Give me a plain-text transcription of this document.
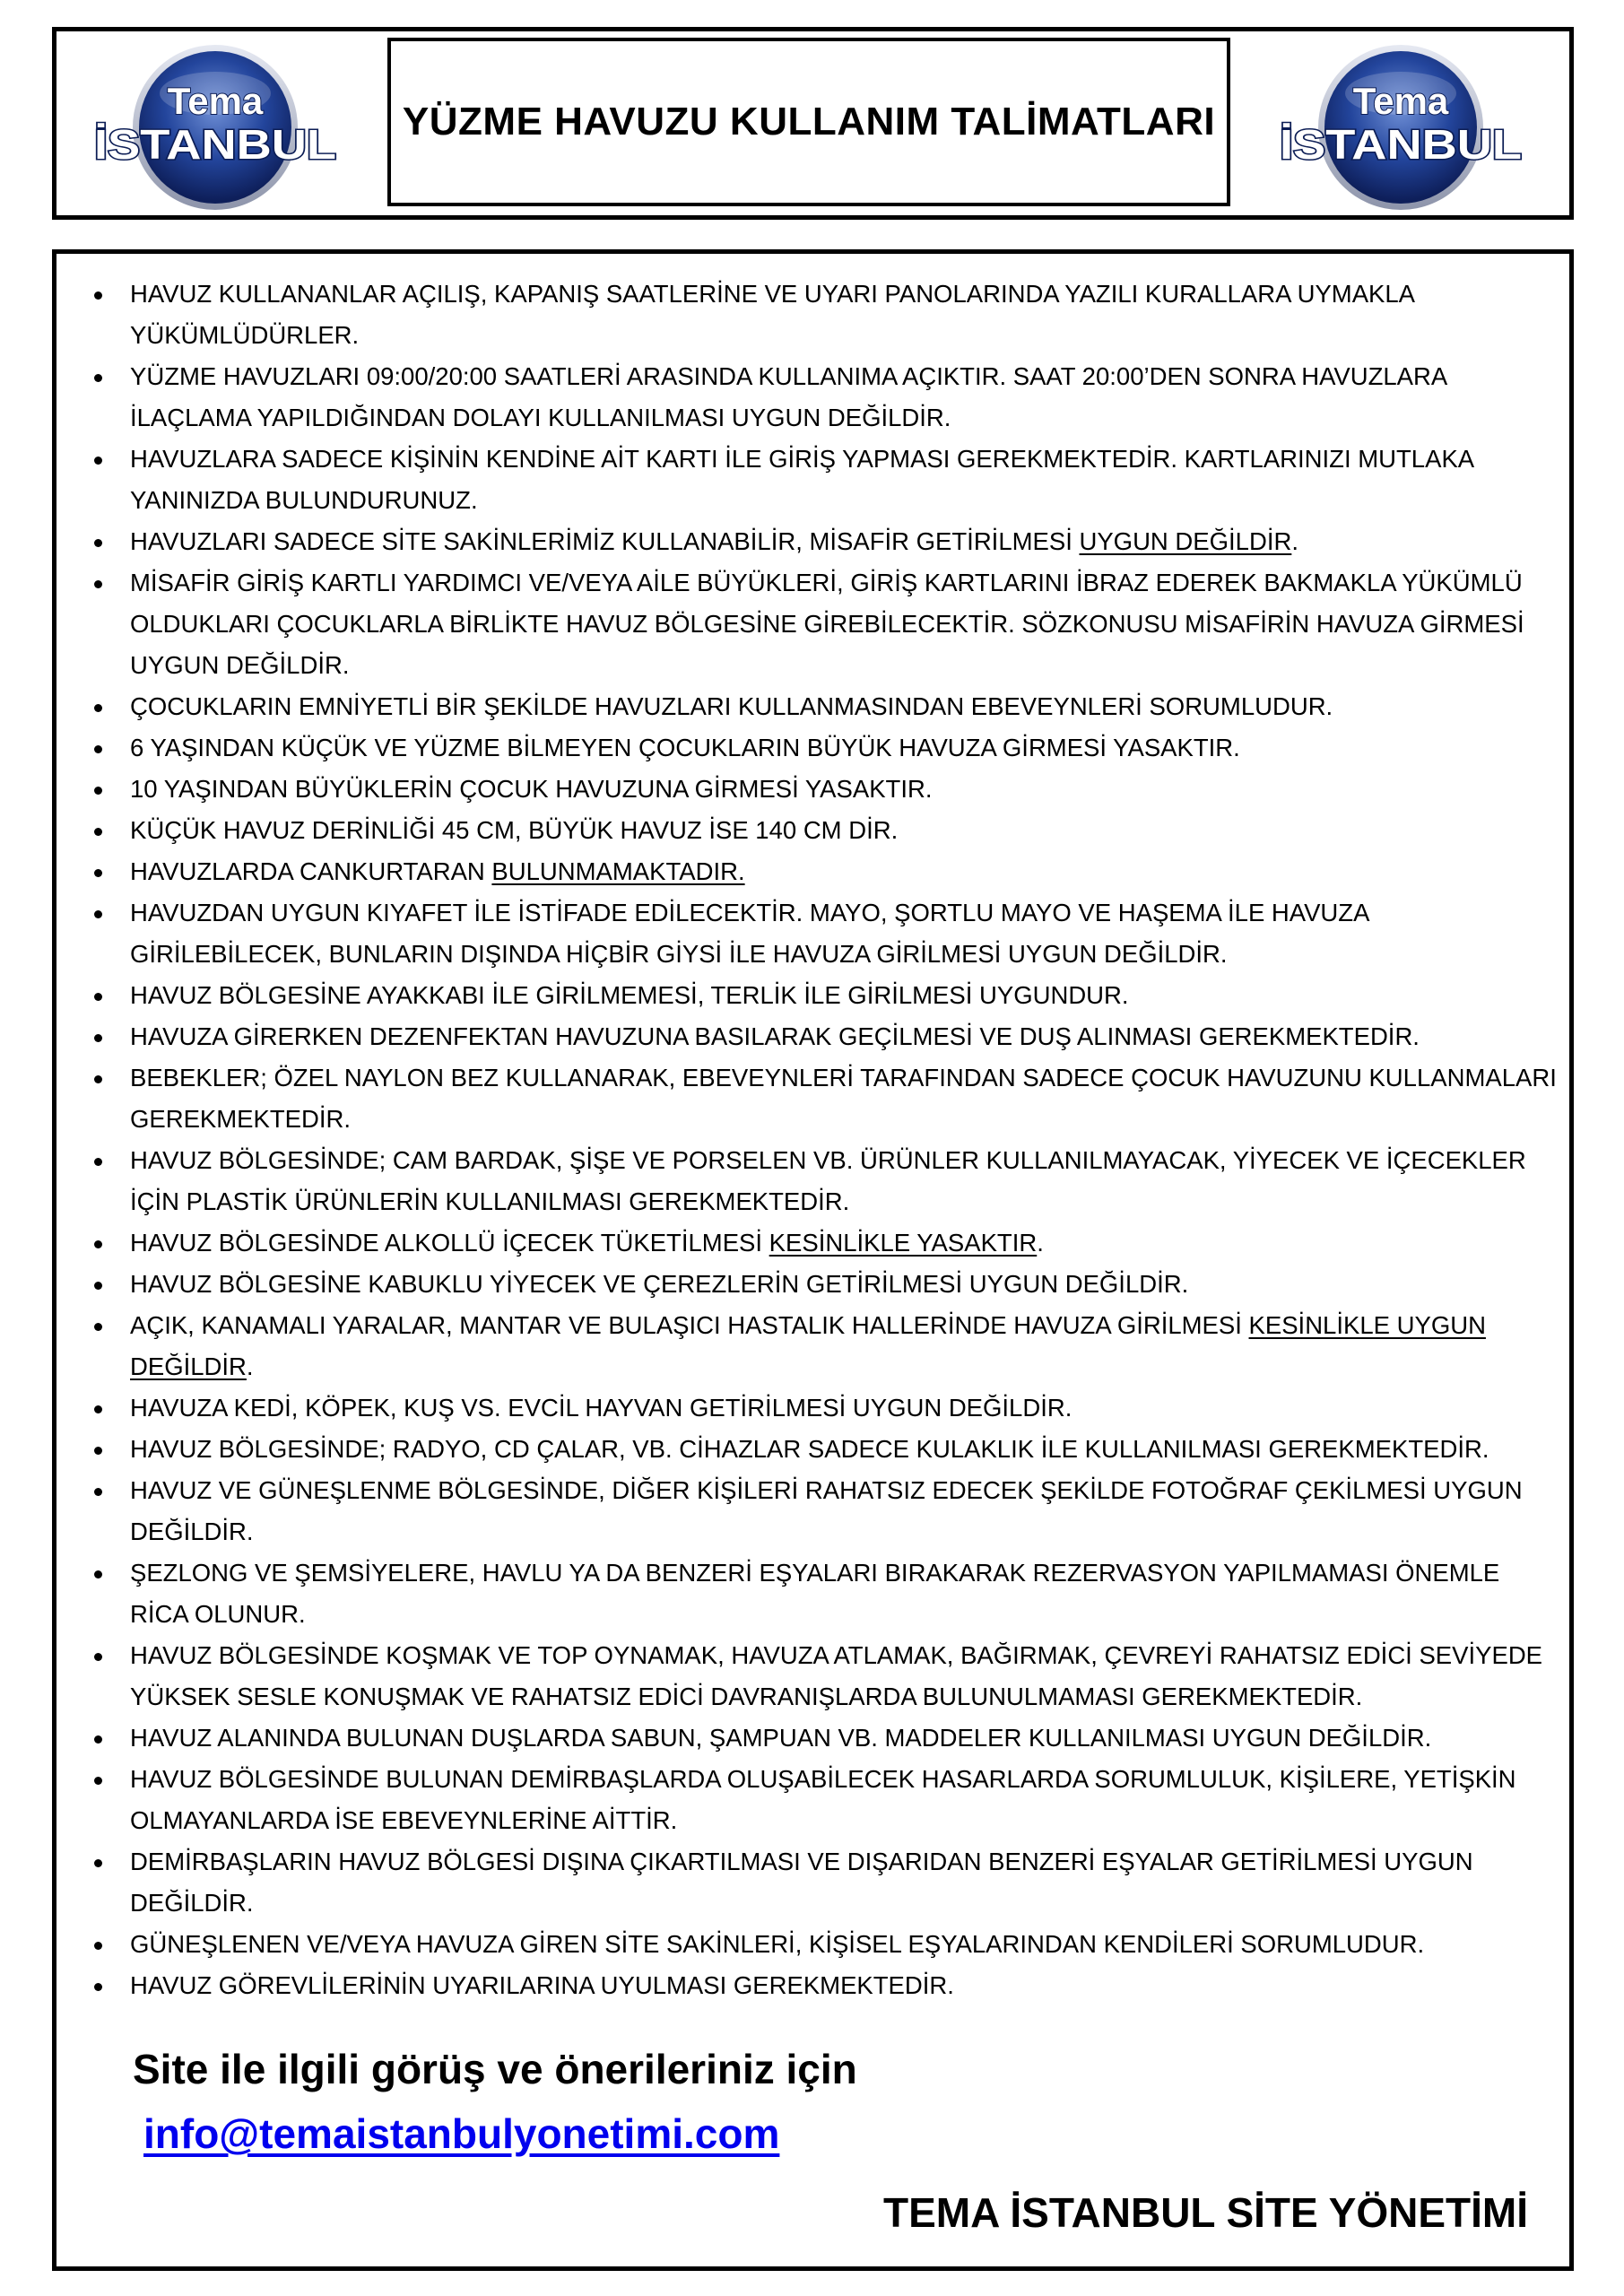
Tema
İSTANBUL YÜZME HAVUZU KULLANIM TALİMATLARI	Tema
İSTANBUL
HAVUZ KULLANANLAR AÇILIŞ, KAPANIŞ SAATLERİNE VE UYARI PANOLARINDA YAZILI KURALLARA UYMAKLA YÜKÜMLÜDÜRLER.
YÜZME HAVUZLARI 09:00/20:00 SAATLERİ ARASINDA KULLANIMA AÇIKTIR. SAAT 20:00’DEN SONRA HAVUZLARA İLAÇLAMA YAPILDIĞINDAN DOLAYI KULLANILMASI UYGUN DEĞİLDİR.
HAVUZLARA SADECE KİŞİNİN KENDİNE AİT KARTI İLE GİRİŞ YAPMASI GEREKMEKTEDİR. KARTLARINIZI MUTLAKA YANINIZDA BULUNDURUNUZ.
HAVUZLARI SADECE SİTE SAKİNLERİMİZ KULLANABİLİR, MİSAFİR GETİRİLMESİ UYGUN DEĞİLDİR.
MİSAFİR GİRİŞ KARTLI YARDIMCI VE/VEYA AİLE BÜYÜKLERİ, GİRİŞ KARTLARINI İBRAZ EDEREK BAKMAKLA YÜKÜMLÜ OLDUKLARI ÇOCUKLARLA BİRLİKTE HAVUZ BÖLGESİNE GİREBİLECEKTİR. SÖZKONUSU MİSAFİRİN HAVUZA GİRMESİ UYGUN DEĞİLDİR.
ÇOCUKLARIN EMNİYETLİ BİR ŞEKİLDE HAVUZLARI KULLANMASINDAN EBEVEYNLERİ SORUMLUDUR.
6 YAŞINDAN KÜÇÜK VE YÜZME BİLMEYEN ÇOCUKLARIN BÜYÜK HAVUZA GİRMESİ YASAKTIR.
10 YAŞINDAN BÜYÜKLERİN ÇOCUK HAVUZUNA GİRMESİ YASAKTIR.
KÜÇÜK HAVUZ DERİNLİĞİ 45 CM, BÜYÜK HAVUZ İSE 140 CM DİR.
HAVUZLARDA CANKURTARAN BULUNMAMAKTADIR.
HAVUZDAN UYGUN KIYAFET İLE İSTİFADE EDİLECEKTİR. MAYO, ŞORTLU MAYO VE HAŞEMA İLE HAVUZA GİRİLEBİLECEK, BUNLARIN DIŞINDA HİÇBİR GİYSİ İLE HAVUZA GİRİLMESİ UYGUN DEĞİLDİR.
HAVUZ BÖLGESİNE AYAKKABI İLE GİRİLMEMESİ, TERLİK İLE GİRİLMESİ UYGUNDUR.
HAVUZA GİRERKEN DEZENFEKTAN HAVUZUNA BASILARAK GEÇİLMESİ VE DUŞ ALINMASI GEREKMEKTEDİR.
BEBEKLER; ÖZEL NAYLON BEZ KULLANARAK, EBEVEYNLERİ TARAFINDAN SADECE ÇOCUK HAVUZUNU KULLANMALARI GEREKMEKTEDİR.
HAVUZ BÖLGESİNDE; CAM BARDAK, ŞİŞE VE PORSELEN VB. ÜRÜNLER KULLANILMAYACAK, YİYECEK VE İÇECEKLER İÇİN PLASTİK ÜRÜNLERİN KULLANILMASI GEREKMEKTEDİR.
HAVUZ BÖLGESİNDE ALKOLLÜ İÇECEK TÜKETİLMESİ KESİNLİKLE YASAKTIR.
HAVUZ BÖLGESİNE KABUKLU YİYECEK VE ÇEREZLERİN GETİRİLMESİ UYGUN DEĞİLDİR.
AÇIK, KANAMALI YARALAR, MANTAR VE BULAŞICI HASTALIK HALLERİNDE HAVUZA GİRİLMESİ KESİNLİKLE UYGUN DEĞİLDİR.
HAVUZA KEDİ, KÖPEK, KUŞ VS. EVCİL HAYVAN GETİRİLMESİ UYGUN DEĞİLDİR.
HAVUZ BÖLGESİNDE; RADYO, CD ÇALAR, VB. CİHAZLAR SADECE KULAKLIK İLE KULLANILMASI GEREKMEKTEDİR.
HAVUZ VE GÜNEŞLENME BÖLGESİNDE, DİĞER KİŞİLERİ RAHATSIZ EDECEK ŞEKİLDE FOTOĞRAF ÇEKİLMESİ UYGUN DEĞİLDİR.
ŞEZLONG VE ŞEMSİYELERE, HAVLU YA DA BENZERİ EŞYALARI BIRAKARAK REZERVASYON YAPILMAMASI ÖNEMLE RİCA OLUNUR.
HAVUZ BÖLGESİNDE KOŞMAK VE TOP OYNAMAK, HAVUZA ATLAMAK, BAĞIRMAK, ÇEVREYİ RAHATSIZ EDİCİ SEVİYEDE YÜKSEK SESLE KONUŞMAK VE RAHATSIZ EDİCİ DAVRANIŞLARDA BULUNULMAMASI GEREKMEKTEDİR.
HAVUZ ALANINDA BULUNAN DUŞLARDA SABUN, ŞAMPUAN VB. MADDELER KULLANILMASI UYGUN DEĞİLDİR.
HAVUZ BÖLGESİNDE BULUNAN DEMİRBAŞLARDA OLUŞABİLECEK HASARLARDA SORUMLULUK, KİŞİLERE, YETİŞKİN OLMAYANLARDA İSE EBEVEYNLERİNE AİTTİR.
DEMİRBAŞLARIN HAVUZ BÖLGESİ DIŞINA ÇIKARTILMASI VE DIŞARIDAN BENZERİ EŞYALAR GETİRİLMESİ UYGUN DEĞİLDİR.
GÜNEŞLENEN VE/VEYA HAVUZA GİREN SİTE SAKİNLERİ, KİŞİSEL EŞYALARINDAN KENDİLERİ SORUMLUDUR.
HAVUZ GÖREVLİLERİNİN UYARILARINA UYULMASI GEREKMEKTEDİR.
Site ile ilgili görüş ve önerileriniz için
info@temaistanbulyonetimi.com
TEMA İSTANBUL SİTE YÖNETİMİ
